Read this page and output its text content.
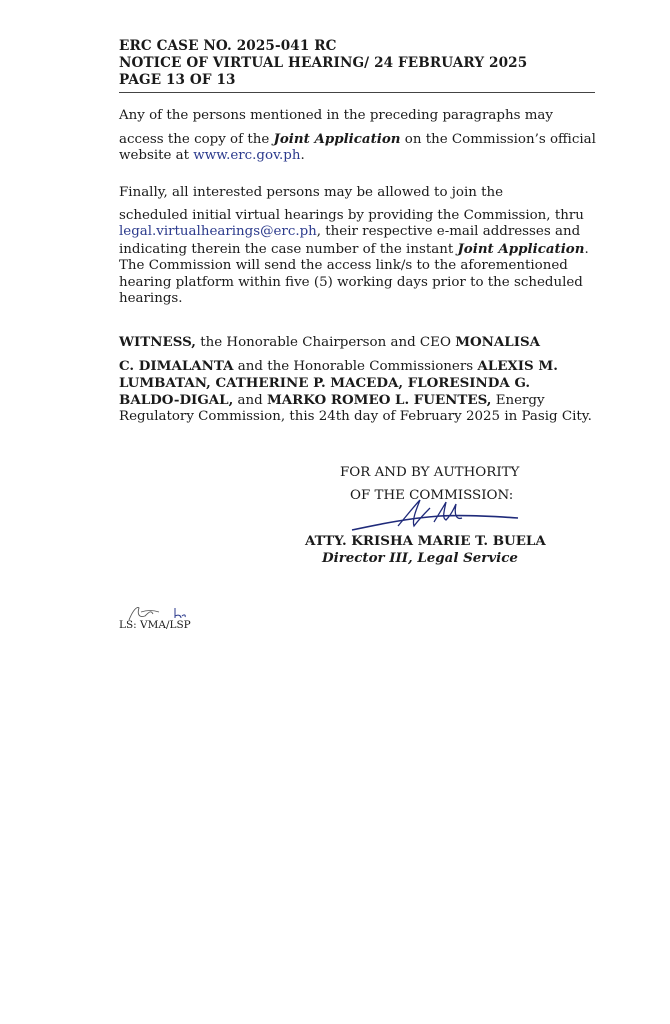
ERC CASE NO. 2025-041 RC
NOTICE OF VIRTUAL HEARING/ 24 FEBRUARY 2025
PAGE 13 OF 13
Any of the persons mentioned in the preceding paragraphs may
access the copy of the Joint Application on the Commission’s official
website at www.erc.gov.ph.
Finally, all interested persons may be allowed to join the
scheduled initial virtual hearings by providing the Commission, thru
legal.virtualhearings@erc.ph, their respective e-mail addresses and
indicating therein the case number of the instant Joint Application.
The Commission will send the access link/s to the aforementioned
hearing platform within five (5) working days prior to the scheduled
hearings.
WITNESS, the Honorable Chairperson and CEO MONALISA
C. DIMALANTA and the Honorable Commissioners ALEXIS M.
LUMBATAN, CATHERINE P. MACEDA, FLORESINDA G.
BALDO-DIGAL, and MARKO ROMEO L. FUENTES, Energy
Regulatory Commission, this 24th day of February 2025 in Pasig City.
FOR AND BY AUTHORITY
OF THE COMMISSION:
ATTY. KRISHA MARIE T. BUELA
Director III, Legal Service
LS: VMA/LSP
